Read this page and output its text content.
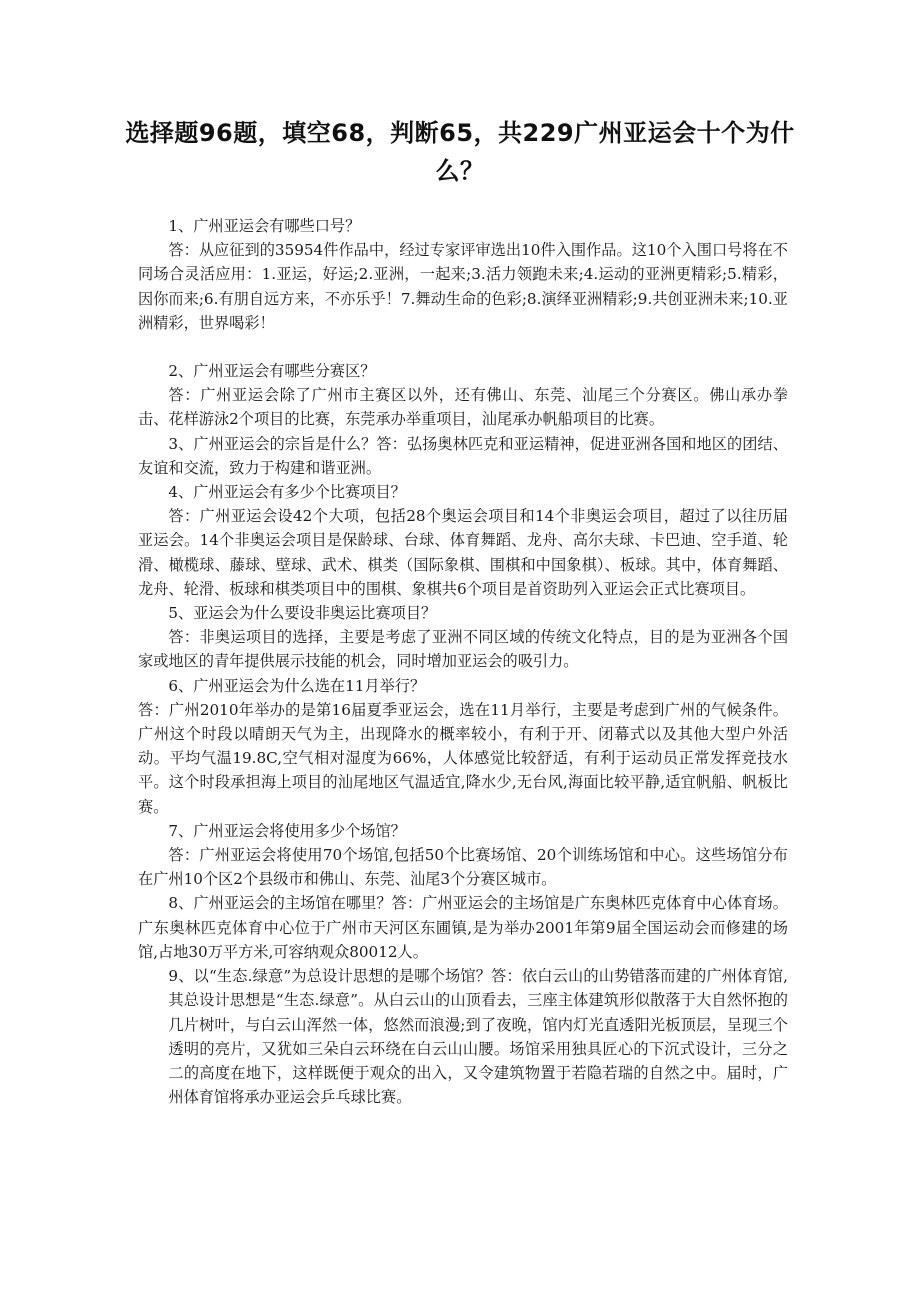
选择题96题，填空68，判断65，共229广州亚运会十个为什么？

1、广州亚运会有哪些口号？

答：从应征到的35954件作品中，经过专家评审选出10件入围作品。这10个入围口号将在不同场合灵活应用：1.亚运，好运;2.亚洲，一起来;3.活力领跑未来;4.运动的亚洲更精彩;5.精彩，因你而来;6.有朋自远方来，不亦乐乎！7.舞动生命的色彩;8.演绎亚洲精彩;9.共创亚洲未来;10.亚洲精彩，世界喝彩！

2、广州亚运会有哪些分赛区？

答：广州亚运会除了广州市主赛区以外，还有佛山、东莞、汕尾三个分赛区。佛山承办拳击、花样游泳2个项目的比赛，东莞承办举重项目，汕尾承办帆船项目的比赛。

3、广州亚运会的宗旨是什么？答：弘扬奥林匹克和亚运精神，促进亚洲各国和地区的团结、友谊和交流，致力于构建和谐亚洲。

4、广州亚运会有多少个比赛项目？

答：广州亚运会设42个大项，包括28个奥运会项目和14个非奥运会项目，超过了以往历届亚运会。14个非奥运会项目是保龄球、台球、体育舞蹈、龙舟、高尔夫球、卡巴迪、空手道、轮滑、橄榄球、藤球、壁球、武术、棋类（国际象棋、围棋和中国象棋）、板球。其中，体育舞蹈、龙舟、轮滑、板球和棋类项目中的围棋、象棋共6个项目是首资助列入亚运会正式比赛项目。

5、亚运会为什么要设非奥运比赛项目？

答：非奥运项目的选择，主要是考虑了亚洲不同区域的传统文化特点，目的是为亚洲各个国家或地区的青年提供展示技能的机会，同时增加亚运会的吸引力。

6、广州亚运会为什么选在11月举行？

答：广州2010年举办的是第16届夏季亚运会，选在11月举行，主要是考虑到广州的气候条件。广州这个时段以晴朗天气为主，出现降水的概率较小，有利于开、闭幕式以及其他大型户外活动。平均气温19.8C,空气相对湿度为66%，人体感觉比较舒适，有利于运动员正常发挥竞技水平。这个时段承担海上项目的汕尾地区气温适宜,降水少,无台风,海面比较平静,适宜帆船、帆板比赛。

7、广州亚运会将使用多少个场馆？

答：广州亚运会将使用70个场馆,包括50个比赛场馆、20个训练场馆和中心。这些场馆分布在广州10个区2个县级市和佛山、东莞、汕尾3个分赛区城市。

8、广州亚运会的主场馆在哪里？答：广州亚运会的主场馆是广东奥林匹克体育中心体育场。广东奥林匹克体育中心位于广州市天河区东圃镇,是为举办2001年第9届全国运动会而修建的场馆,占地30万平方米,可容纳观众80012人。

9、以“生态.绿意”为总设计思想的是哪个场馆？答：依白云山的山势错落而建的广州体育馆,其总设计思想是“生态.绿意”。从白云山的山顶看去，三座主体建筑形似散落于大自然怀抱的几片树叶，与白云山浑然一体，悠然而浪漫;到了夜晚，馆内灯光直透阳光板顶层，呈现三个透明的亮片，又犹如三朵白云环绕在白云山山腰。场馆采用独具匠心的下沉式设计，三分之二的高度在地下，这样既便于观众的出入，又令建筑物置于若隐若瑞的自然之中。届时，广州体育馆将承办亚运会乒乓球比赛。
